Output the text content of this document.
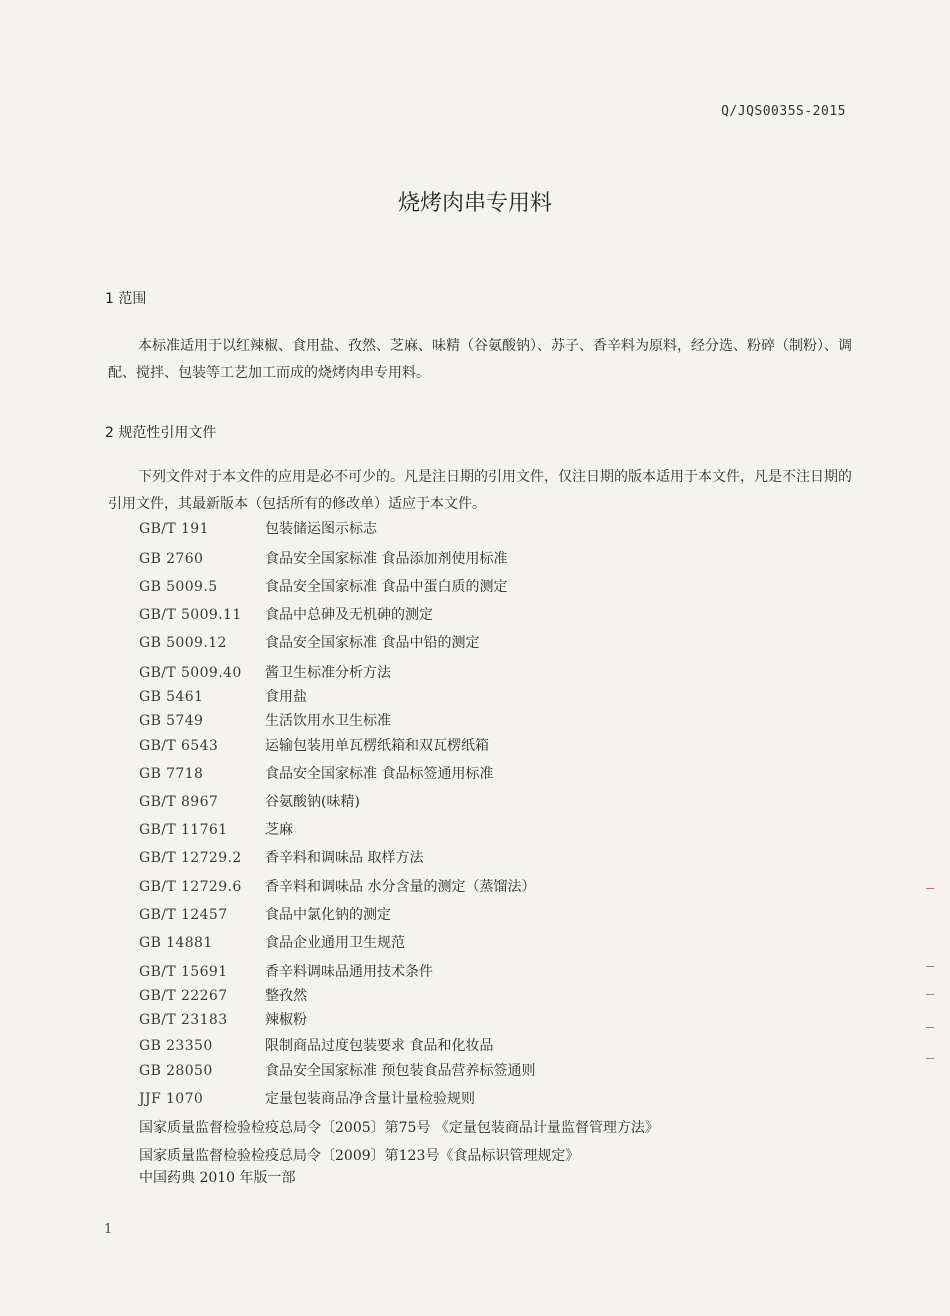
Q/JQS0035S-2015
烧烤肉串专用料
1 范围
本标准适用于以红辣椒、食用盐、孜然、芝麻、味精（谷氨酸钠）、苏子、香辛料为原料，经分选、粉碎（制粉）、调配、搅拌、包装等工艺加工而成的烧烤肉串专用料。
2 规范性引用文件
下列文件对于本文件的应用是必不可少的。凡是注日期的引用文件，仅注日期的版本适用于本文件，凡是不注日期的引用文件，其最新版本（包括所有的修改单）适应于本文件。
GB/T 191	包装储运图示标志
GB 2760	食品安全国家标准 食品添加剂使用标准
GB 5009.5	食品安全国家标准 食品中蛋白质的测定
GB/T 5009.11 食品中总砷及无机砷的测定
GB 5009.12	食品安全国家标准 食品中铅的测定
GB/T 5009.40 酱卫生标准分析方法
GB 5461	食用盐
GB 5749	生活饮用水卫生标准
GB/T 6543	运输包装用单瓦楞纸箱和双瓦楞纸箱
GB 7718	食品安全国家标准 食品标签通用标准
GB/T 8967	谷氨酸钠(味精)
GB/T 11761	芝麻
GB/T 12729.2 香辛料和调味品 取样方法
GB/T 12729.6 香辛料和调味品 水分含量的测定（蒸馏法）
GB/T 12457	食品中氯化钠的测定
GB 14881	食品企业通用卫生规范
GB/T 15691	香辛料调味品通用技术条件
GB/T 22267	整孜然
GB/T 23183	辣椒粉
GB 23350	限制商品过度包装要求 食品和化妆品
GB 28050	食品安全国家标准 预包装食品营养标签通则
JJF 1070	定量包装商品净含量计量检验规则
国家质量监督检验检疫总局令〔2005〕第75号 《定量包装商品计量监督管理方法》
国家质量监督检验检疫总局令〔2009〕第123号《食品标识管理规定》
中国药典 2010 年版一部
1
